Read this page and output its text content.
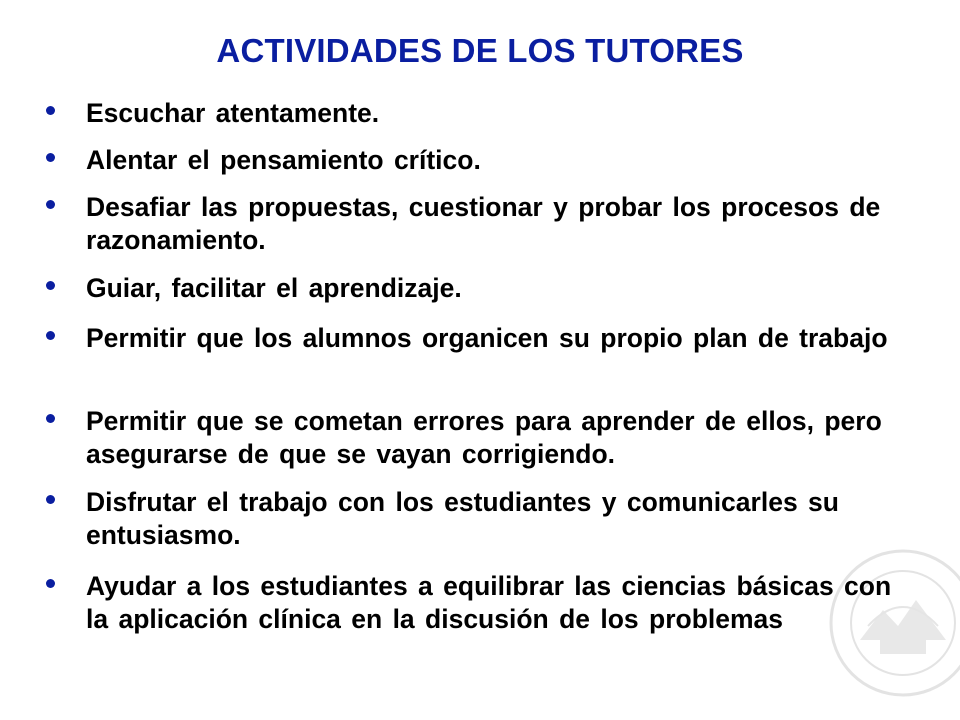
ACTIVIDADES DE LOS TUTORES
Escuchar atentamente.
Alentar el pensamiento crítico.
Desafiar las propuestas, cuestionar y probar los procesos de razonamiento.
Guiar, facilitar el aprendizaje.
Permitir que los alumnos organicen su propio plan de trabajo
Permitir que se cometan errores para aprender de ellos, pero asegurarse de que se vayan corrigiendo.
Disfrutar el trabajo con los estudiantes y comunicarles su entusiasmo.
Ayudar a los estudiantes a equilibrar las ciencias básicas con la aplicación clínica en la discusión de los problemas
